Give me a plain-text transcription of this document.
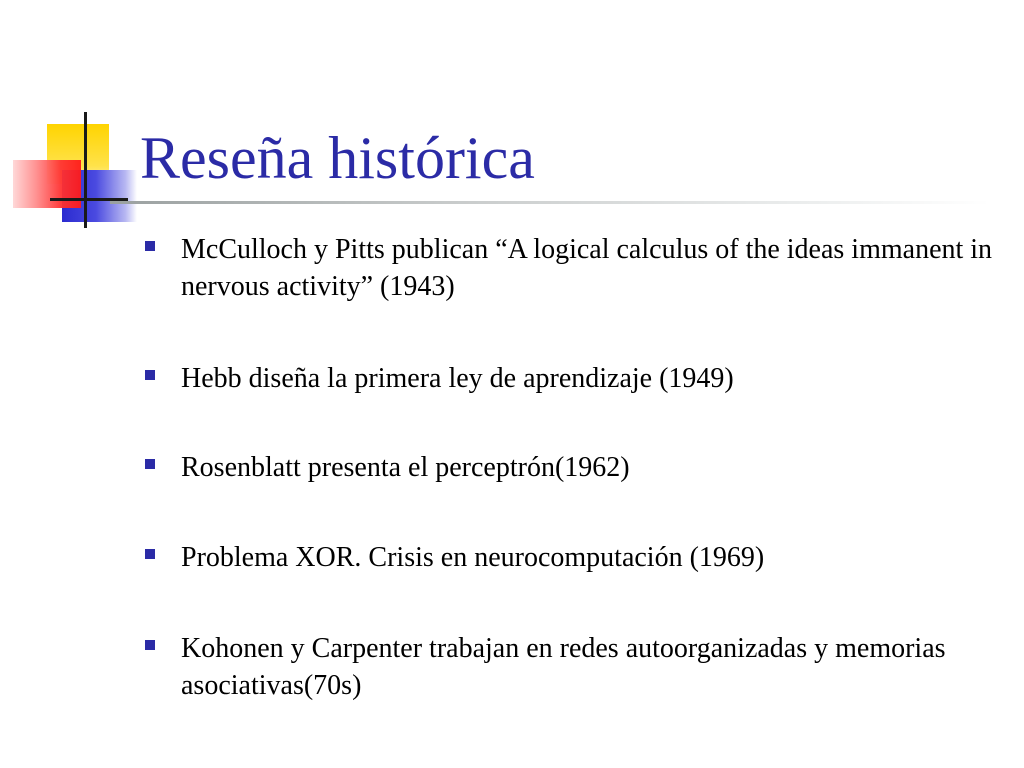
Reseña histórica
McCulloch y Pitts publican “A logical calculus of the ideas immanent in nervous activity” (1943)
Hebb diseña la primera ley de aprendizaje (1949)
Rosenblatt presenta el perceptrón(1962)
Problema XOR. Crisis en neurocomputación (1969)
Kohonen y Carpenter trabajan en redes autoorganizadas y memorias asociativas(70s)
